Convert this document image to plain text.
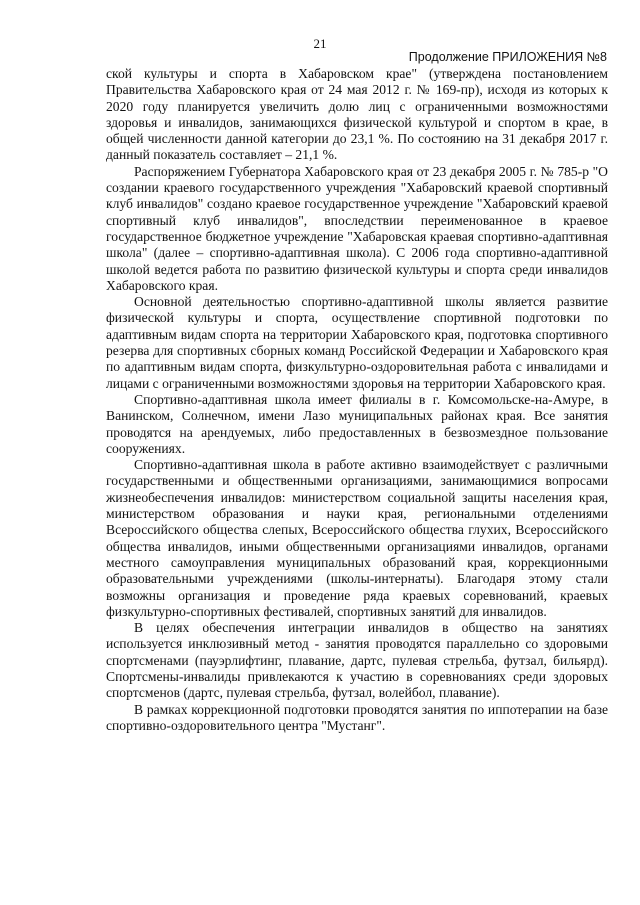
21
Продолжение ПРИЛОЖЕНИЯ №8

ской культуры и спорта в Хабаровском крае" (утверждена постановлением Правительства Хабаровского края от 24 мая 2012 г. № 169-пр), исходя из которых к 2020 году планируется увеличить долю лиц с ограниченными возможностями здоровья и инвалидов, занимающихся физической культурой и спортом в крае, в общей численности данной категории до 23,1 %. По состоянию на 31 декабря 2017 г. данный показатель составляет – 21,1 %.

Распоряжением Губернатора Хабаровского края от 23 декабря 2005 г. № 785-р "О создании краевого государственного учреждения "Хабаровский краевой спортивный клуб инвалидов" создано краевое государственное учреждение "Хабаровский краевой спортивный клуб инвалидов", впоследствии переименованное в краевое государственное бюджетное учреждение "Хабаровская краевая спортивно-адаптивная школа" (далее – спортивно-адаптивная школа). С 2006 года спортивно-адаптивной школой ведется работа по развитию физической культуры и спорта среди инвалидов Хабаровского края.

Основной деятельностью спортивно-адаптивной школы является развитие физической культуры и спорта, осуществление спортивной подготовки по адаптивным видам спорта на территории Хабаровского края, подготовка спортивного резерва для спортивных сборных команд Российской Федерации и Хабаровского края по адаптивным видам спорта, физкультурно-оздоровительная работа с инвалидами и лицами с ограниченными возможностями здоровья на территории Хабаровского края.

Спортивно-адаптивная школа имеет филиалы в г. Комсомольске-на-Амуре, в Ванинском, Солнечном, имени Лазо муниципальных районах края. Все занятия проводятся на арендуемых, либо предоставленных в безвозмездное пользование сооружениях.

Спортивно-адаптивная школа в работе активно взаимодействует с различными государственными и общественными организациями, занимающимися вопросами жизнеобеспечения инвалидов: министерством социальной защиты населения края, министерством образования и науки края, региональными отделениями Всероссийского общества слепых, Всероссийского общества глухих, Всероссийского общества инвалидов, иными общественными организациями инвалидов, органами местного самоуправления муниципальных образований края, коррекционными образовательными учреждениями (школы-интернаты). Благодаря этому стали возможны организация и проведение ряда краевых соревнований, краевых физкультурно-спортивных фестивалей, спортивных занятий для инвалидов.

В целях обеспечения интеграции инвалидов в общество на занятиях используется инклюзивный метод - занятия проводятся параллельно со здоровыми спортсменами (пауэрлифтинг, плавание, дартс, пулевая стрельба, футзал, бильярд). Спортсмены-инвалиды привлекаются к участию в соревнованиях среди здоровых спортсменов (дартс, пулевая стрельба, футзал, волейбол, плавание).

В рамках коррекционной подготовки проводятся занятия по иппотерапии на базе спортивно-оздоровительного центра "Мустанг".
